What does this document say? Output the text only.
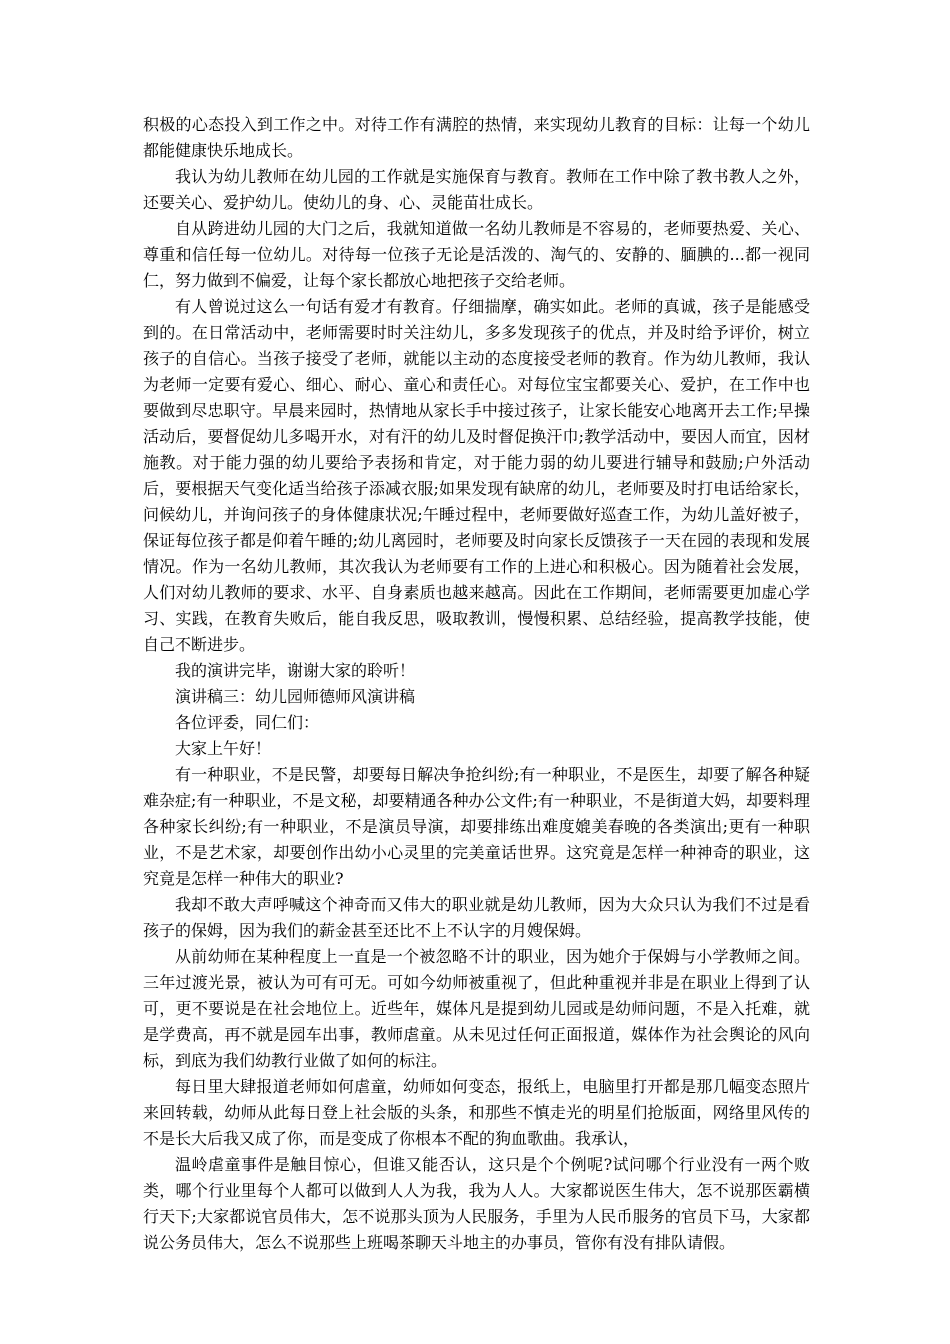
积极的心态投入到工作之中。对待工作有满腔的热情，来实现幼儿教育的目标：让每一个幼儿都能健康快乐地成长。

我认为幼儿教师在幼儿园的工作就是实施保育与教育。教师在工作中除了教书教人之外，还要关心、爱护幼儿。使幼儿的身、心、灵能苗壮成长。

自从跨进幼儿园的大门之后，我就知道做一名幼儿教师是不容易的，老师要热爱、关心、尊重和信任每一位幼儿。对待每一位孩子无论是活泼的、淘气的、安静的、腼腆的...都一视同仁，努力做到不偏爱，让每个家长都放心地把孩子交给老师。

有人曾说过这么一句话有爱才有教育。仔细揣摩，确实如此。老师的真诚，孩子是能感受到的。在日常活动中，老师需要时时关注幼儿，多多发现孩子的优点，并及时给予评价，树立孩子的自信心。当孩子接受了老师，就能以主动的态度接受老师的教育。作为幼儿教师，我认为老师一定要有爱心、细心、耐心、童心和责任心。对每位宝宝都要关心、爱护，在工作中也要做到尽忠职守。早晨来园时，热情地从家长手中接过孩子，让家长能安心地离开去工作;早操活动后，要督促幼儿多喝开水，对有汗的幼儿及时督促换汗巾;教学活动中，要因人而宜，因材施教。对于能力强的幼儿要给予表扬和肯定，对于能力弱的幼儿要进行辅导和鼓励;户外活动后，要根据天气变化适当给孩子添减衣服;如果发现有缺席的幼儿，老师要及时打电话给家长，问候幼儿，并询问孩子的身体健康状况;午睡过程中，老师要做好巡查工作，为幼儿盖好被子，保证每位孩子都是仰着午睡的;幼儿离园时，老师要及时向家长反馈孩子一天在园的表现和发展情况。作为一名幼儿教师，其次我认为老师要有工作的上进心和积极心。因为随着社会发展，人们对幼儿教师的要求、水平、自身素质也越来越高。因此在工作期间，老师需要更加虚心学习、实践，在教育失败后，能自我反思，吸取教训，慢慢积累、总结经验，提高教学技能，使自己不断进步。

我的演讲完毕，谢谢大家的聆听！

演讲稿三：幼儿园师德师风演讲稿

各位评委，同仁们：

大家上午好！

有一种职业，不是民警，却要每日解决争抢纠纷;有一种职业，不是医生，却要了解各种疑难杂症;有一种职业，不是文秘，却要精通各种办公文件;有一种职业，不是街道大妈，却要料理各种家长纠纷;有一种职业，不是演员导演，却要排练出难度媲美春晚的各类演出;更有一种职业，不是艺术家，却要创作出幼小心灵里的完美童话世界。这究竟是怎样一种神奇的职业，这究竟是怎样一种伟大的职业?

我却不敢大声呼喊这个神奇而又伟大的职业就是幼儿教师，因为大众只认为我们不过是看孩子的保姆，因为我们的薪金甚至还比不上不认字的月嫂保姆。

从前幼师在某种程度上一直是一个被忽略不计的职业，因为她介于保姆与小学教师之间。三年过渡光景，被认为可有可无。可如今幼师被重视了，但此种重视并非是在职业上得到了认可，更不要说是在社会地位上。近些年，媒体凡是提到幼儿园或是幼师问题，不是入托难，就是学费高，再不就是园车出事，教师虐童。从未见过任何正面报道，媒体作为社会舆论的风向标，到底为我们幼教行业做了如何的标注。

每日里大肆报道老师如何虐童，幼师如何变态，报纸上，电脑里打开都是那几幅变态照片来回转载，幼师从此每日登上社会版的头条，和那些不慎走光的明星们抢版面，网络里风传的不是长大后我又成了你，而是变成了你根本不配的狗血歌曲。我承认，

温岭虐童事件是触目惊心，但谁又能否认，这只是个个例呢?试问哪个行业没有一两个败类，哪个行业里每个人都可以做到人人为我，我为人人。大家都说医生伟大，怎不说那医霸横行天下;大家都说官员伟大，怎不说那头顶为人民服务，手里为人民币服务的官员下马，大家都说公务员伟大，怎么不说那些上班喝茶聊天斗地主的办事员，管你有没有排队请假。
